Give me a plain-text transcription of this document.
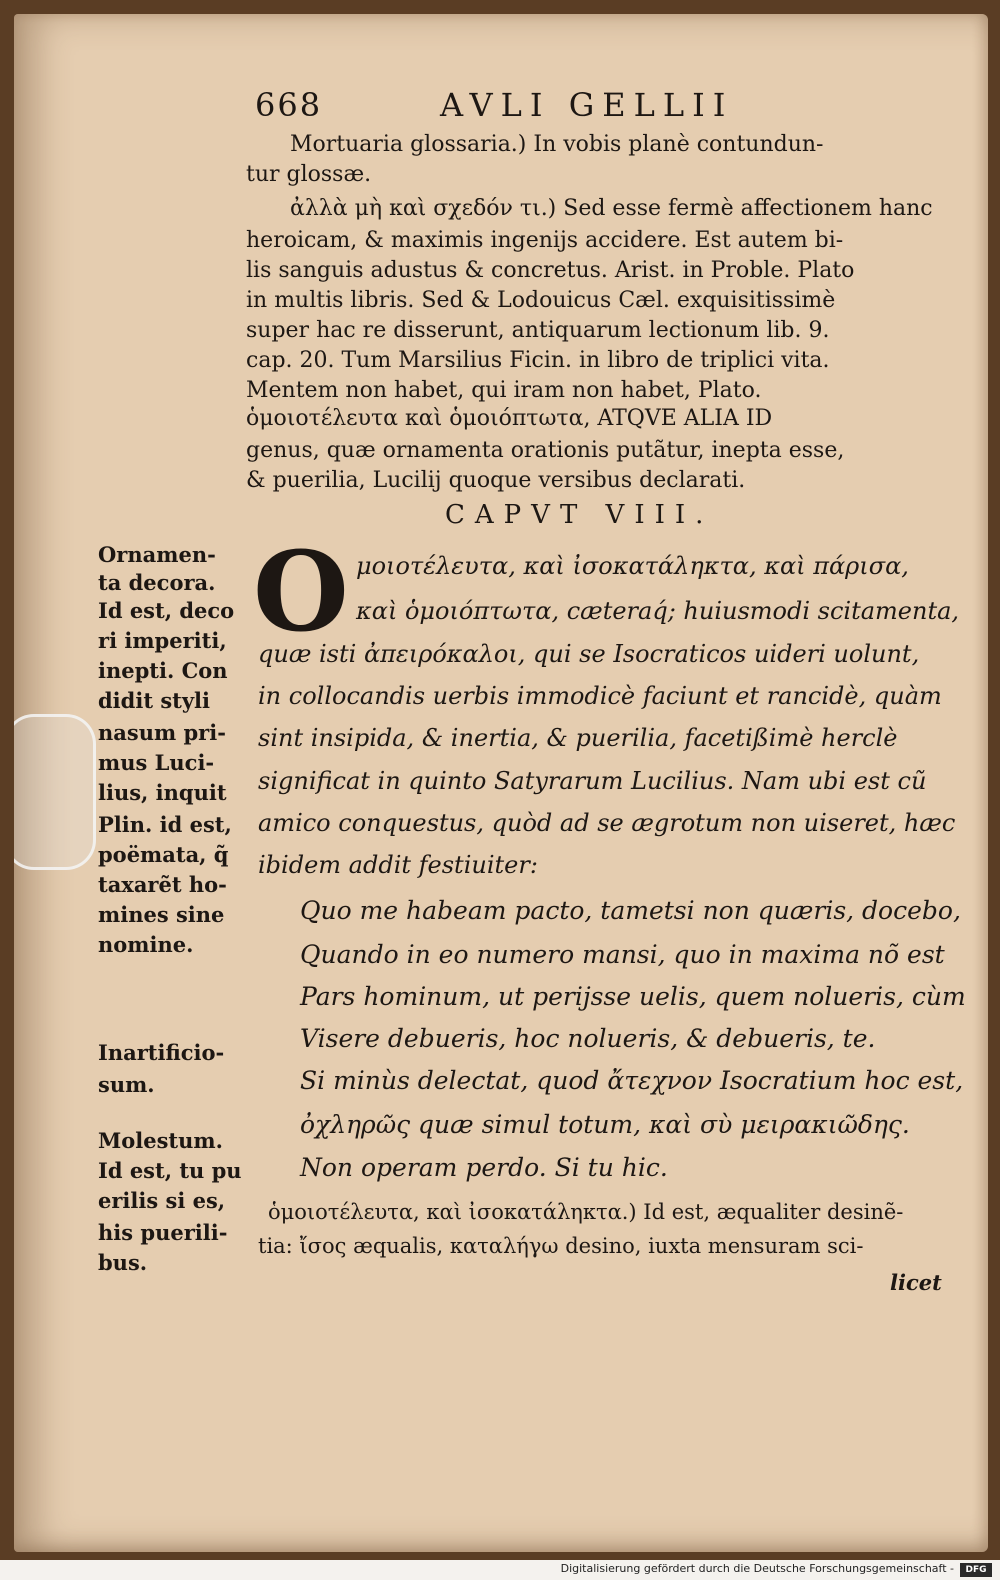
668	AVLI GELLII
Mortuaria glossaria.) In vobis planè contundun-
tur glossæ.
ἀλλὰ μὴ καὶ σχεδόν τι.) Sed esse fermè affectionem hanc
heroicam, & maximis ingenijs accidere. Est autem bi-
lis sanguis adustus & concretus. Arist. in Proble. Plato
in multis libris. Sed & Lodouicus Cæl. exquisitissimè
super hac re disserunt, antiquarum lectionum lib. 9.
cap. 20. Tum Marsilius Ficin. in libro de triplici vita.
Mentem non habet, qui iram non habet, Plato.
ὁμοιοτέλευτα καὶ ὁμοιόπτωτα, ATQVE ALIA ID
genus, quæ ornamenta orationis putãtur, inepta esse,
& puerilia, Lucilij quoque versibus declarati.
CAPVT VIII.
O μοιοτέλευτα, καὶ ἰσοκατάληκτα, καὶ πάρισα,
καὶ ὁμοιόπτωτα, cæteraq́; huiusmodi scitamenta,
quæ isti ἀπειρόκαλοι, qui se Isocraticos uideri uolunt,
in collocandis uerbis immodicè faciunt et rancidè, quàm
sint insipida, & inertia, & puerilia, facetißimè herclè
significat in quinto Satyrarum Lucilius. Nam ubi est cũ
amico conquestus, quòd ad se ægrotum non uiseret, hæc
ibidem addit festiuiter:
Quo me habeam pacto, tametsi non quæris, docebo,
Quando in eo numero mansi, quo in maxima nõ est
Pars hominum, ut perijsse uelis, quem nolueris, cùm
Visere debueris, hoc nolueris, & debueris, te.
Si minùs delectat, quod ἄτεχνον Isocratium hoc est,
ὀχληρῶς quæ simul totum, καὶ σὺ μειρακιῶδης.
Non operam perdo. Si tu hic.
ὁμοιοτέλευτα, καὶ ἰσοκατάληκτα.) Id est, æqualiter desinẽ-
tia: ἴσος æqualis, καταλήγω desino, iuxta mensuram sci-
licet
Ornamen-
ta decora.
Id est, deco
ri imperiti,
inepti. Con
didit styli
nasum pri-
mus Luci-
lius, inquit
Plin. id est,
poëmata, q̃
taxarẽt ho-
mines sine
nomine.
Inartificio-
sum.
Molestum.
Id est, tu pu
erilis si es,
his puerili-
bus.
Digitalisierung gefördert durch die Deutsche Forschungsgemeinschaft -	DFG
